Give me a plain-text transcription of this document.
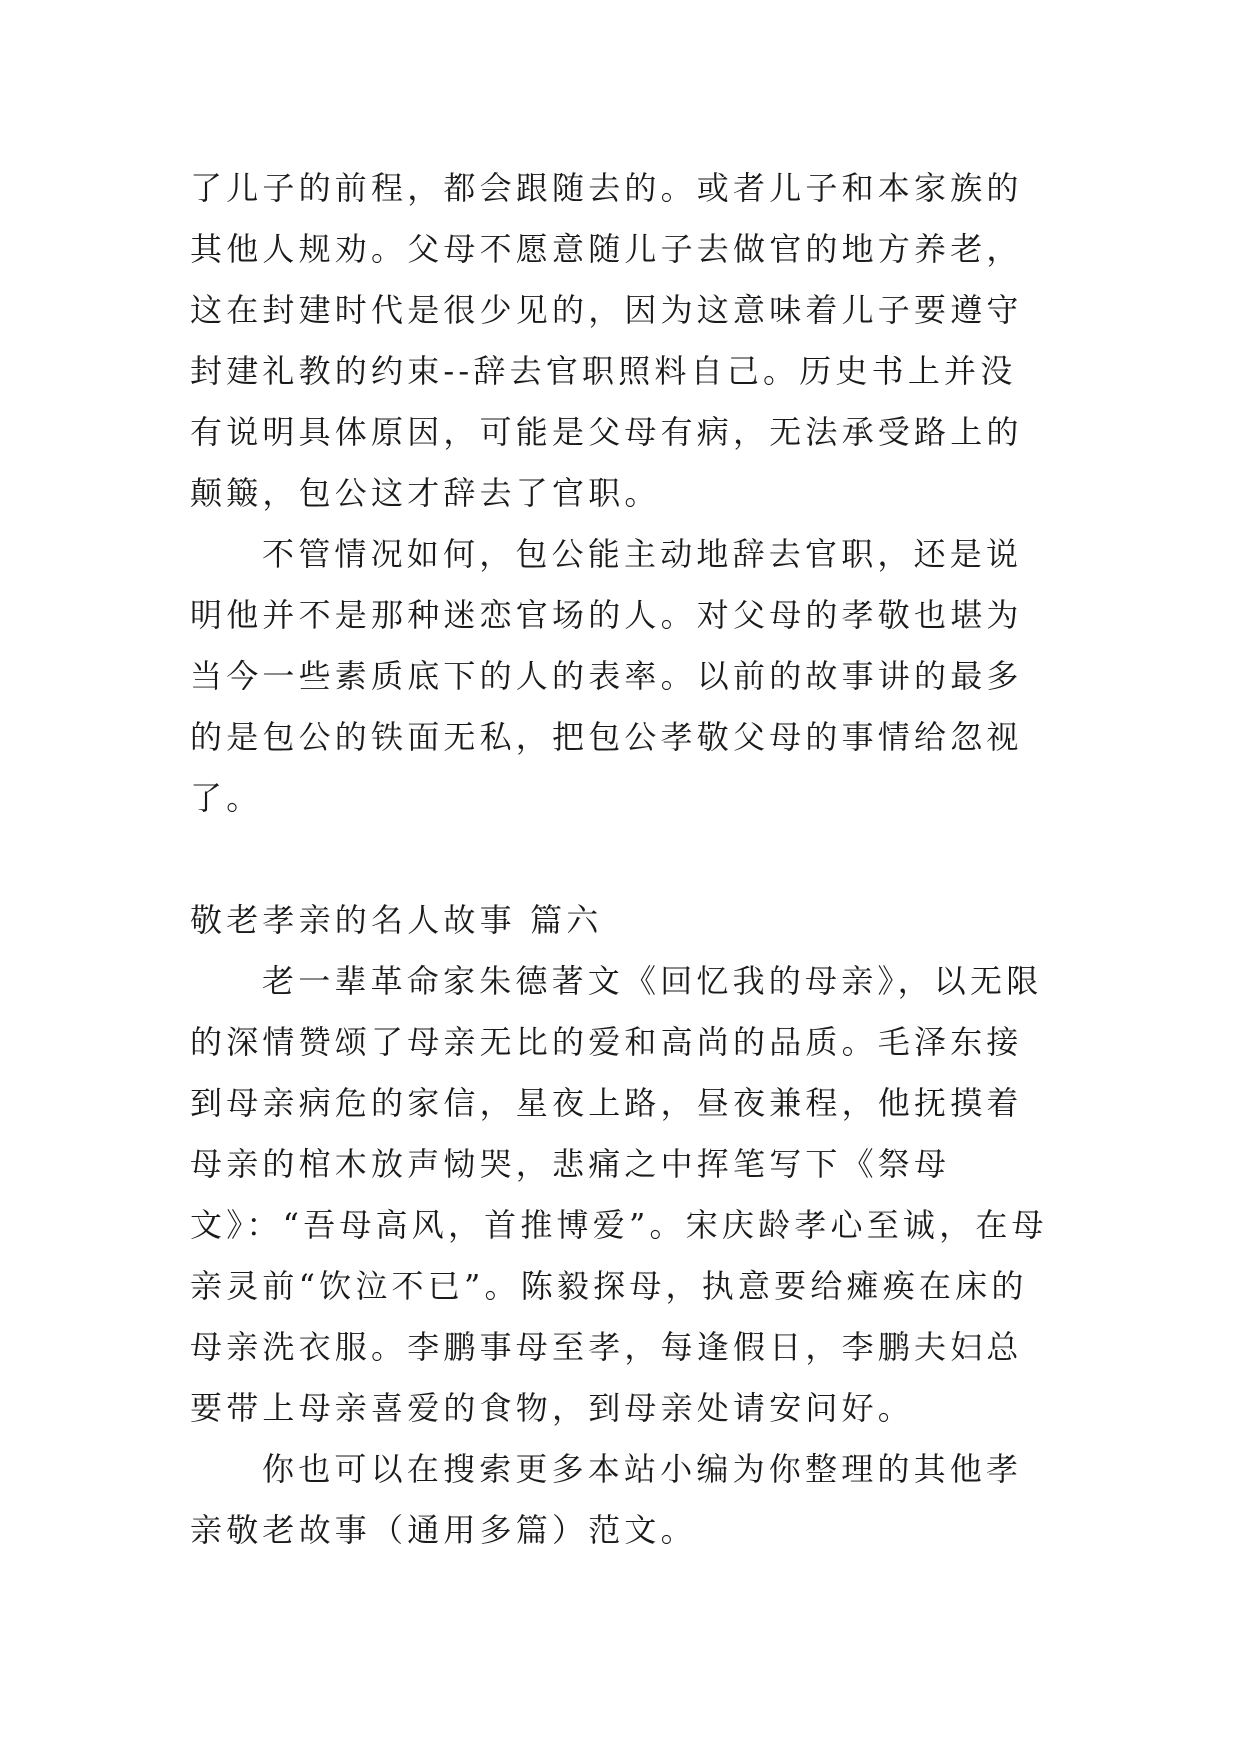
了儿子的前程，都会跟随去的。或者儿子和本家族的其他人规劝。父母不愿意随儿子去做官的地方养老，这在封建时代是很少见的，因为这意味着儿子要遵守封建礼教的约束--辞去官职照料自己。历史书上并没有说明具体原因，可能是父母有病，无法承受路上的颠簸，包公这才辞去了官职。

不管情况如何，包公能主动地辞去官职，还是说明他并不是那种迷恋官场的人。对父母的孝敬也堪为当今一些素质底下的人的表率。以前的故事讲的最多的是包公的铁面无私，把包公孝敬父母的事情给忽视了。

敬老孝亲的名人故事 篇六

老一辈革命家朱德著文《回忆我的母亲》，以无限的深情赞颂了母亲无比的爱和高尚的品质。毛泽东接到母亲病危的家信，星夜上路，昼夜兼程，他抚摸着母亲的棺木放声恸哭，悲痛之中挥笔写下《祭母文》：“吾母高风，首推博爱”。宋庆龄孝心至诚，在母亲灵前“饮泣不已”。陈毅探母，执意要给瘫痪在床的母亲洗衣服。李鹏事母至孝，每逢假日，李鹏夫妇总要带上母亲喜爱的食物，到母亲处请安问好。

你也可以在搜索更多本站小编为你整理的其他孝亲敬老故事（通用多篇）范文。
